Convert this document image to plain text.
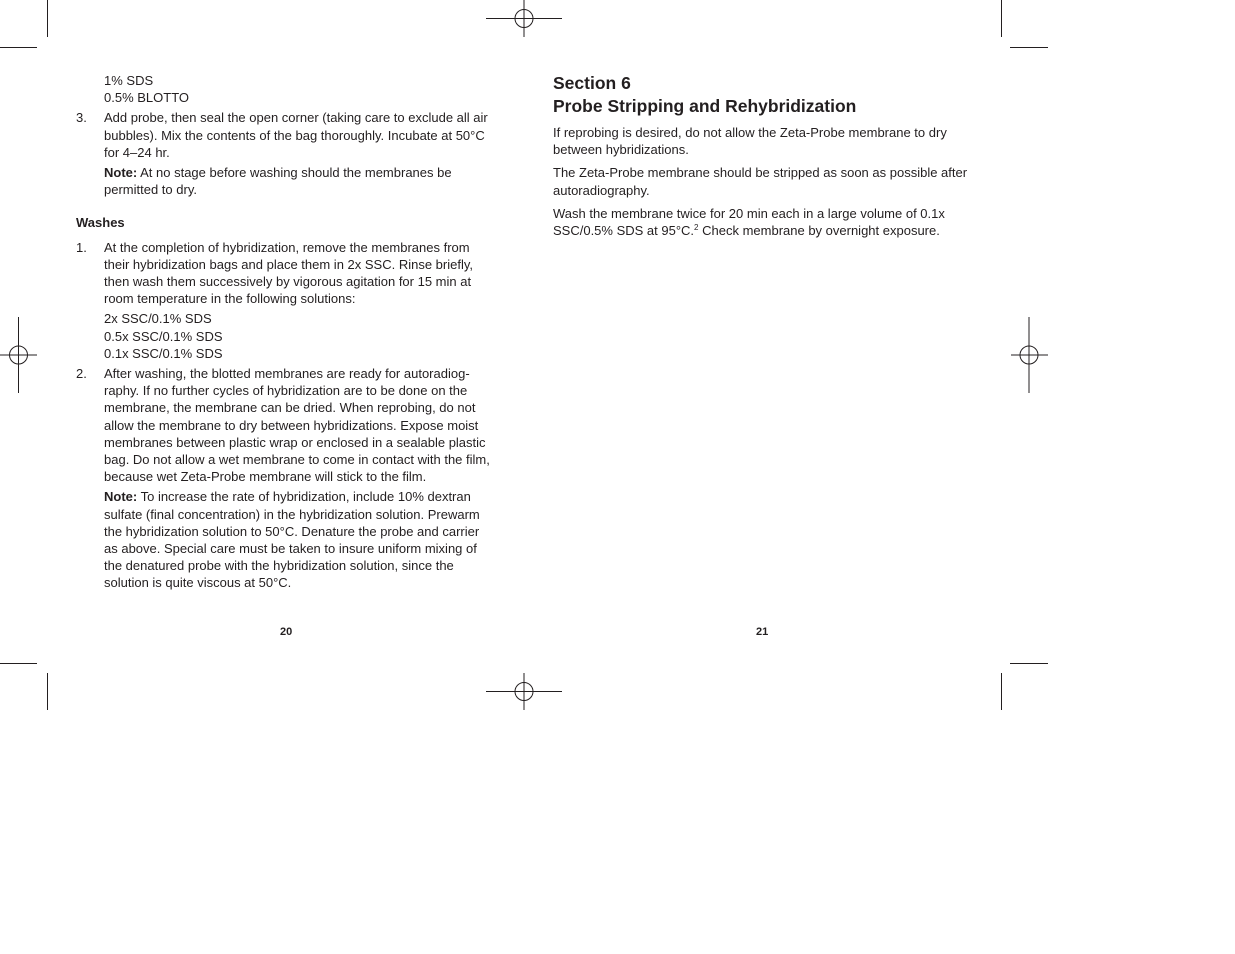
1% SDS

0.5% BLOTTO

3. Add probe, then seal the open corner (taking care to exclude all air bubbles). Mix the contents of the bag thoroughly. Incubate at 50°C for 4–24 hr.

Note: At no stage before washing should the membranes be permitted to dry.

Washes
1. At the completion of hybridization, remove the membranes from their hybridization bags and place them in 2x SSC. Rinse briefly, then wash them successively by vigorous agitation for 15 min at room temperature in the following solutions:

2x SSC/0.1% SDS

0.5x SSC/0.1% SDS

0.1x SSC/0.1% SDS

2. After washing, the blotted membranes are ready for autoradiog-raphy. If no further cycles of hybridization are to be done on the membrane, the membrane can be dried. When reprobing, do not allow the membrane to dry between hybridizations. Expose moist membranes between plastic wrap or enclosed in a sealable plastic bag. Do not allow a wet membrane to come in contact with the film, because wet Zeta-Probe membrane will stick to the film.

Note: To increase the rate of hybridization, include 10% dextran sulfate (final concentration) in the hybridization solution. Prewarm the hybridization solution to 50°C. Denature the probe and carrier as above. Special care must be taken to insure uniform mixing of the denatured probe with the hybridization solution, since the solution is quite viscous at 50°C.

20
Section 6
Probe Stripping and Rehybridization

If reprobing is desired, do not allow the Zeta-Probe membrane to dry between hybridizations.

The Zeta-Probe membrane should be stripped as soon as possible after autoradiography.

Wash the membrane twice for 20 min each in a large volume of 0.1x SSC/0.5% SDS at 95°C.$^2$ Check membrane by overnight exposure.

21
